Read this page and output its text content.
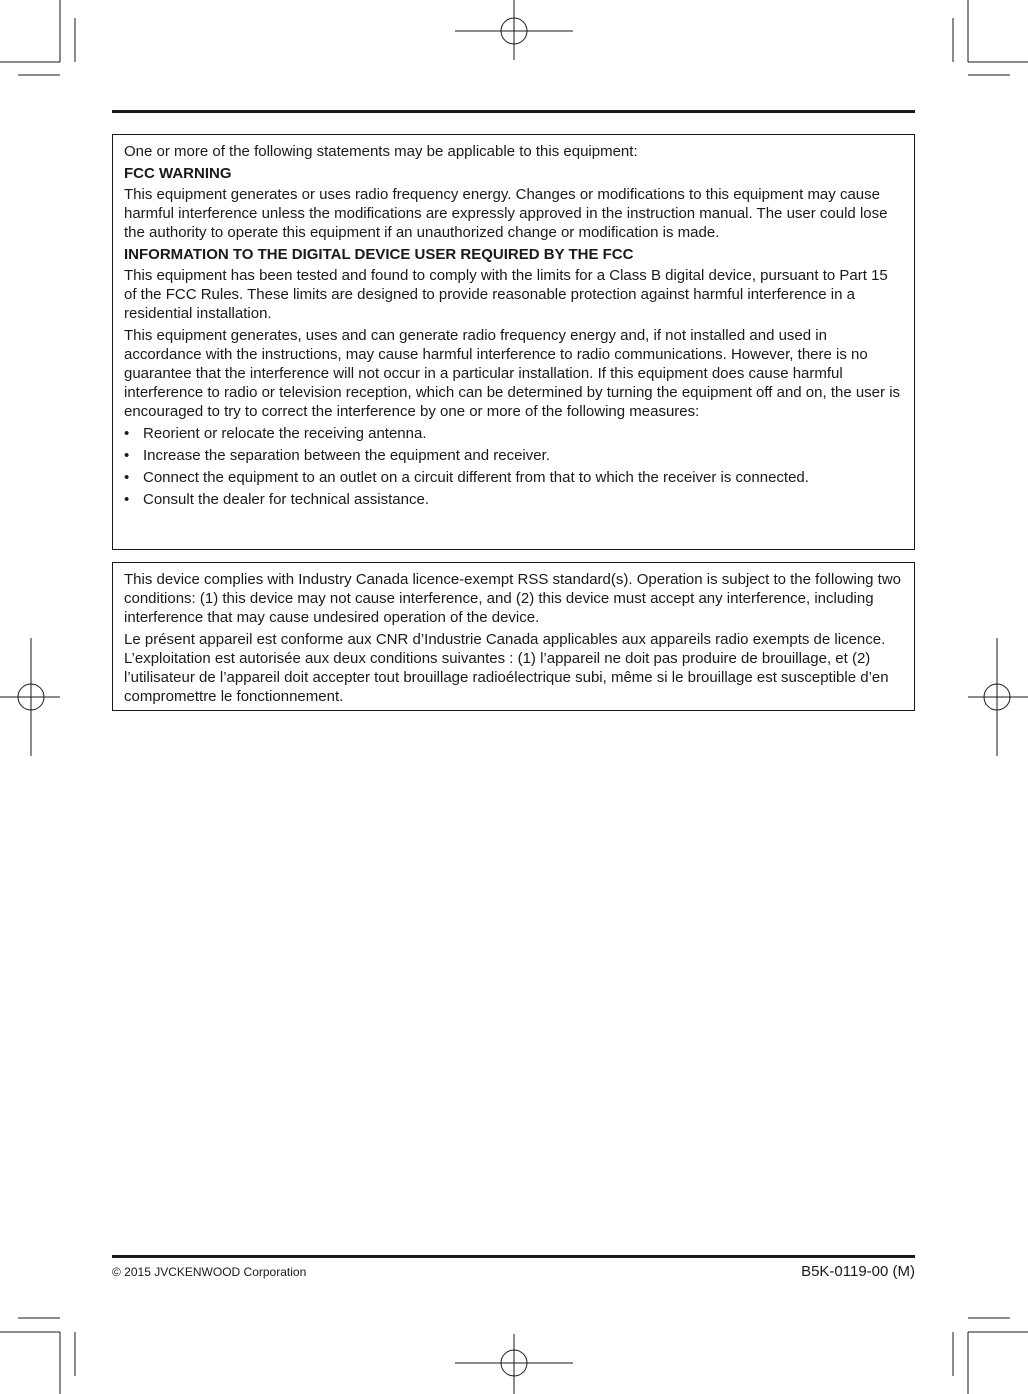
One or more of the following statements may be applicable to this equipment:

FCC WARNING

This equipment generates or uses radio frequency energy. Changes or modifications to this equipment may cause harmful interference unless the modifications are expressly approved in the instruction manual. The user could lose the authority to operate this equipment if an unauthorized change or modification is made.

INFORMATION TO THE DIGITAL DEVICE USER REQUIRED BY THE FCC

This equipment has been tested and found to comply with the limits for a Class B digital device, pursuant to Part 15 of the FCC Rules. These limits are designed to provide reasonable protection against harmful interference in a residential installation.

This equipment generates, uses and can generate radio frequency energy and, if not installed and used in accordance with the instructions, may cause harmful interference to radio communications. However, there is no guarantee that the interference will not occur in a particular installation. If this equipment does cause harmful interference to radio or television reception, which can be determined by turning the equipment off and on, the user is encouraged to try to correct the interference by one or more of the following measures:

• Reorient or relocate the receiving antenna.
• Increase the separation between the equipment and receiver.
• Connect the equipment to an outlet on a circuit different from that to which the receiver is connected.
• Consult the dealer for technical assistance.

This device complies with Industry Canada licence-exempt RSS standard(s). Operation is subject to the following two conditions: (1) this device may not cause interference, and (2) this device must accept any interference, including interference that may cause undesired operation of the device.

Le présent appareil est conforme aux CNR d’Industrie Canada applicables aux appareils radio exempts de licence. L’exploitation est autorisée aux deux conditions suivantes : (1) l’appareil ne doit pas produire de brouillage, et (2) l’utilisateur de l’appareil doit accepter tout brouillage radioélectrique subi, même si le brouillage est susceptible d’en compromettre le fonctionnement.

© 2015 JVCKENWOOD Corporation	B5K-0119-00 (M)
